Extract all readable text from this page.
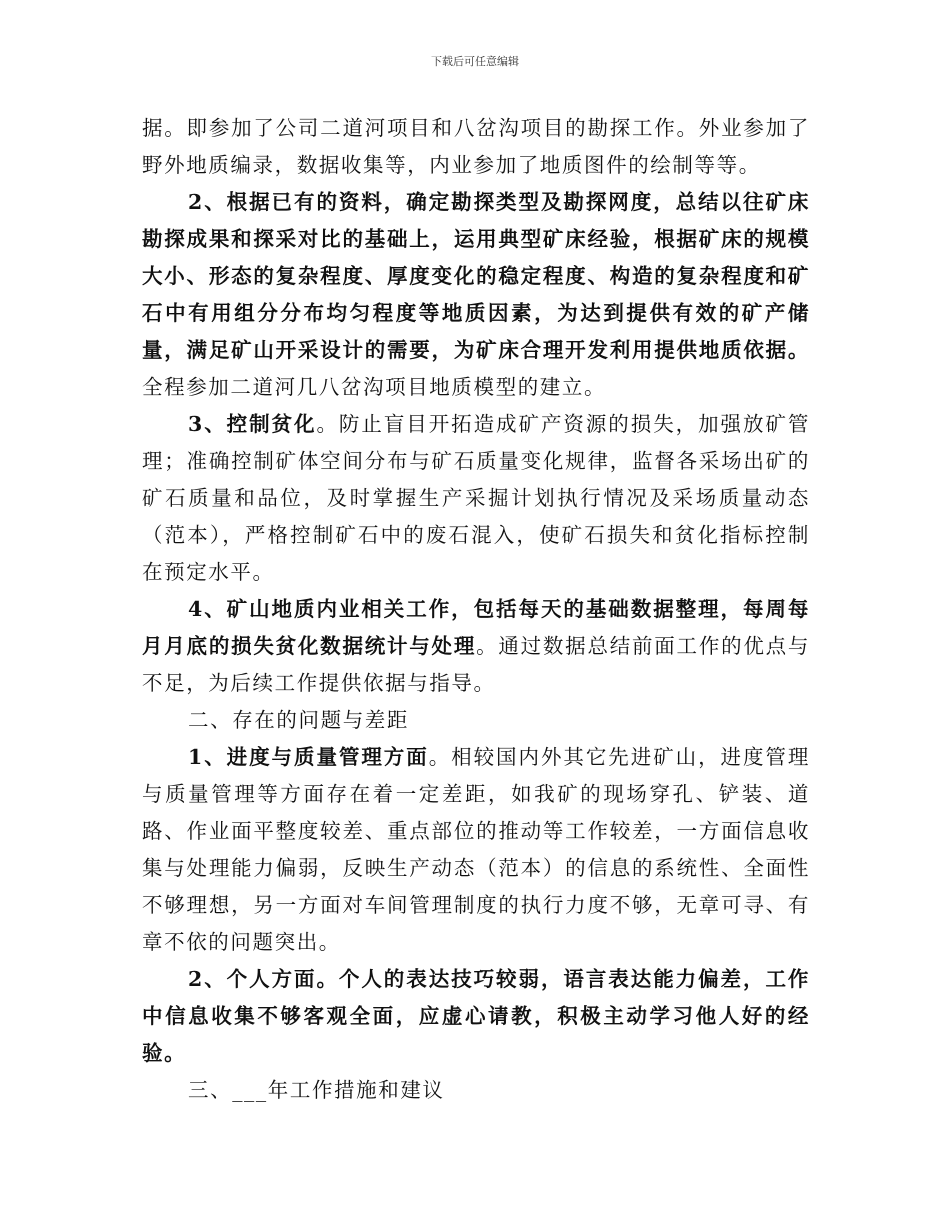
下载后可任意编辑

据。即参加了公司二道河项目和八岔沟项目的勘探工作。外业参加了野外地质编录，数据收集等，内业参加了地质图件的绘制等等。

2、根据已有的资料，确定勘探类型及勘探网度，总结以往矿床勘探成果和探采对比的基础上，运用典型矿床经验，根据矿床的规模大小、形态的复杂程度、厚度变化的稳定程度、构造的复杂程度和矿石中有用组分分布均匀程度等地质因素，为达到提供有效的矿产储量，满足矿山开采设计的需要，为矿床合理开发利用提供地质依据。全程参加二道河几八岔沟项目地质模型的建立。

3、控制贫化。防止盲目开拓造成矿产资源的损失，加强放矿管理；准确控制矿体空间分布与矿石质量变化规律，监督各采场出矿的矿石质量和品位，及时掌握生产采掘计划执行情况及采场质量动态（范本），严格控制矿石中的废石混入，使矿石损失和贫化指标控制在预定水平。

4、矿山地质内业相关工作，包括每天的基础数据整理，每周每月月底的损失贫化数据统计与处理。通过数据总结前面工作的优点与不足，为后续工作提供依据与指导。

二、存在的问题与差距

1、进度与质量管理方面。相较国内外其它先进矿山，进度管理与质量管理等方面存在着一定差距，如我矿的现场穿孔、铲装、道路、作业面平整度较差、重点部位的推动等工作较差，一方面信息收集与处理能力偏弱，反映生产动态（范本）的信息的系统性、全面性不够理想，另一方面对车间管理制度的执行力度不够，无章可寻、有章不依的问题突出。

2、个人方面。个人的表达技巧较弱，语言表达能力偏差，工作中信息收集不够客观全面，应虚心请教，积极主动学习他人好的经验。

三、___年工作措施和建议
